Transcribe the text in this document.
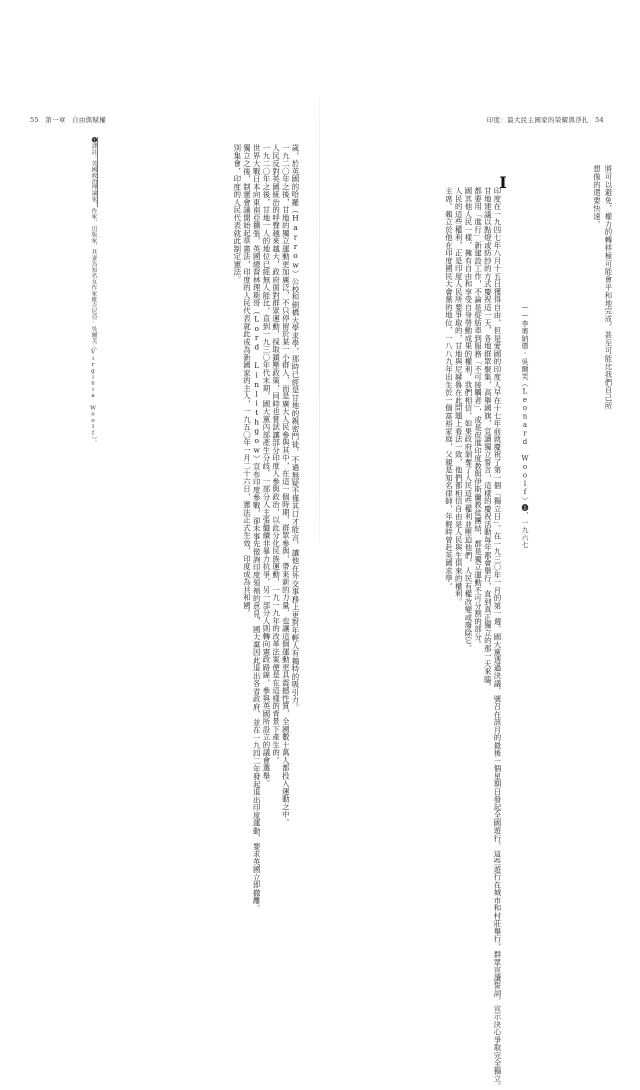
55 第一章 自由與赋權

歲，於英國的哈羅（Harrow）公校和劍橋大學求學，那時已經是甘地的親密門徒，不過無疑不僅其口才能言，讓他在外交事務上更對年輕人有獨特的吸引力。

一九二〇年之後，甘地的獨立運動更加廣泛，不只停留於某一小群人，而是廣大人民參與其中，在這一個時期，群眾參與，帶來新的力量，也讓這個運動更具震撼性質，全國數十萬人都投入運動之中。

人民反對英國統治的呼聲越來越大，政府面對群眾運動，採取鎮壓政策，同時也嘗試讓部分印度人參與政治，以此分化民族運動，一九一九年的改革法案便是在這樣的背景下產生的。

一九二〇年之後，甘地一人的地位已經無人能比，直到一九三〇年代末期，國大黨內部產生分歧，一部分人主張繼續非暴力抗爭，另一部分人則轉向憲政路線，參與英國所設立的議會選舉。

世界大戰日本向東南亞擴張，英國總督林理斯哥（Lord Linlithgow）宣布印度參戰，卻未事先徵詢印度領袖的意見，國大黨因此退出各省政府，並在一九四二年發起退出印度運動，要求英國立即撤離。

獨立之後，制憲會議開始起草憲法，印度的人民代表就此成為新國家的主人，一九五〇年一月二十六日，憲法正式生效，印度成為共和國。

別集會，印度的人民代表就此制定憲法。

❶譯註：英國政治理論家、作家、出版家，其妻為知名女作家維吉尼亞·吳爾芙（Virginia Woolf）。
印度：最大民主國家的榮耀與淨扎 54
將可以避免，權力的轉移極可能會平和地完成，甚至可能比我們自己所
想像的還要快速。
——李奧納德·吳爾芙（Leonard Woolf）❶，一九六七
I

印度在一九四七年八月十五日獲得自由，但是愛國的印度人早在十七年前就慶祝了第一個「獨立日」。在一九三〇年一月的第一週，國大黨透過決議，號召在該月的最後一個星期日發起全國遊行，這些遊行在城市和村莊舉行，群眾宣讀誓詞，宣示決心爭取完全獨立。

甘地建議以點燈或紡紗的方式慶祝這一天，各地群眾聚集，高舉國旗，宣讀獨立誓言，這樣的慶祝活動每年都會舉行，直到真正獨立的那一天來臨。

都要用「進行」新建設工作，不論是從紡車到服務「不可接觸者」，或是促進印度教與伊斯蘭教徒團結，都是獨立運動不可分割的部分。

國其他人民一樣，擁有自由和享受自身勞動成果的權利，我們相信，如果政府剝奪了人民這些權利並壓迫他們，人民有權改變或廢除它。

人民的這些權利，正是印度人民所要爭取的，甘地與尼赫魯在此問題上看法一致，他們都相信自由是人民與生俱來的權利。

主席。賴立於他在印度國民大會黨的地位，一八八九年出生於一個富裕家庭，父親是知名律師，年輕時曾赴英國求學。
